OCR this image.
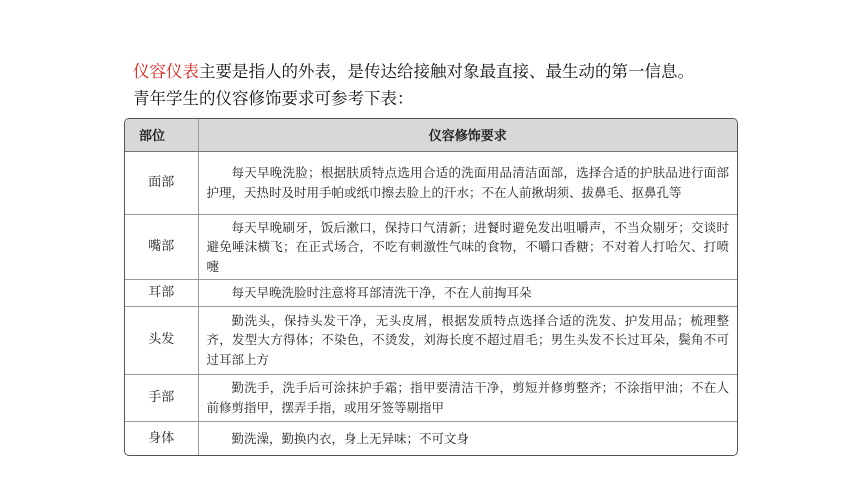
仪容仪表主要是指人的外表，是传达给接触对象最直接、最生动的第一信息。
青年学生的仪容修饰要求可参考下表：
部位	仪容修饰要求
面部	每天早晚洗脸；根据肤质特点选用合适的洗面用品清洁面部，选择合适的护肤品进行面部护理，天热时及时用手帕或纸巾擦去脸上的汗水；不在人前揪胡须、拔鼻毛、抠鼻孔等
嘴部	每天早晚刷牙，饭后漱口，保持口气清新；进餐时避免发出咀嚼声，不当众剔牙；交谈时避免唾沫横飞；在正式场合，不吃有刺激性气味的食物，不嚼口香糖；不对着人打哈欠、打喷嚏
耳部	每天早晚洗脸时注意将耳部清洗干净，不在人前掏耳朵
头发	勤洗头，保持头发干净，无头皮屑，根据发质特点选择合适的洗发、护发用品；梳理整齐，发型大方得体；不染色，不烫发，刘海长度不超过眉毛；男生头发不长过耳朵，鬓角不可过耳部上方
手部	勤洗手，洗手后可涂抹护手霜；指甲要清洁干净，剪短并修剪整齐；不涂指甲油；不在人前修剪指甲，摆弄手指，或用牙签等剔指甲
身体	勤洗澡，勤换内衣，身上无异味；不可文身
